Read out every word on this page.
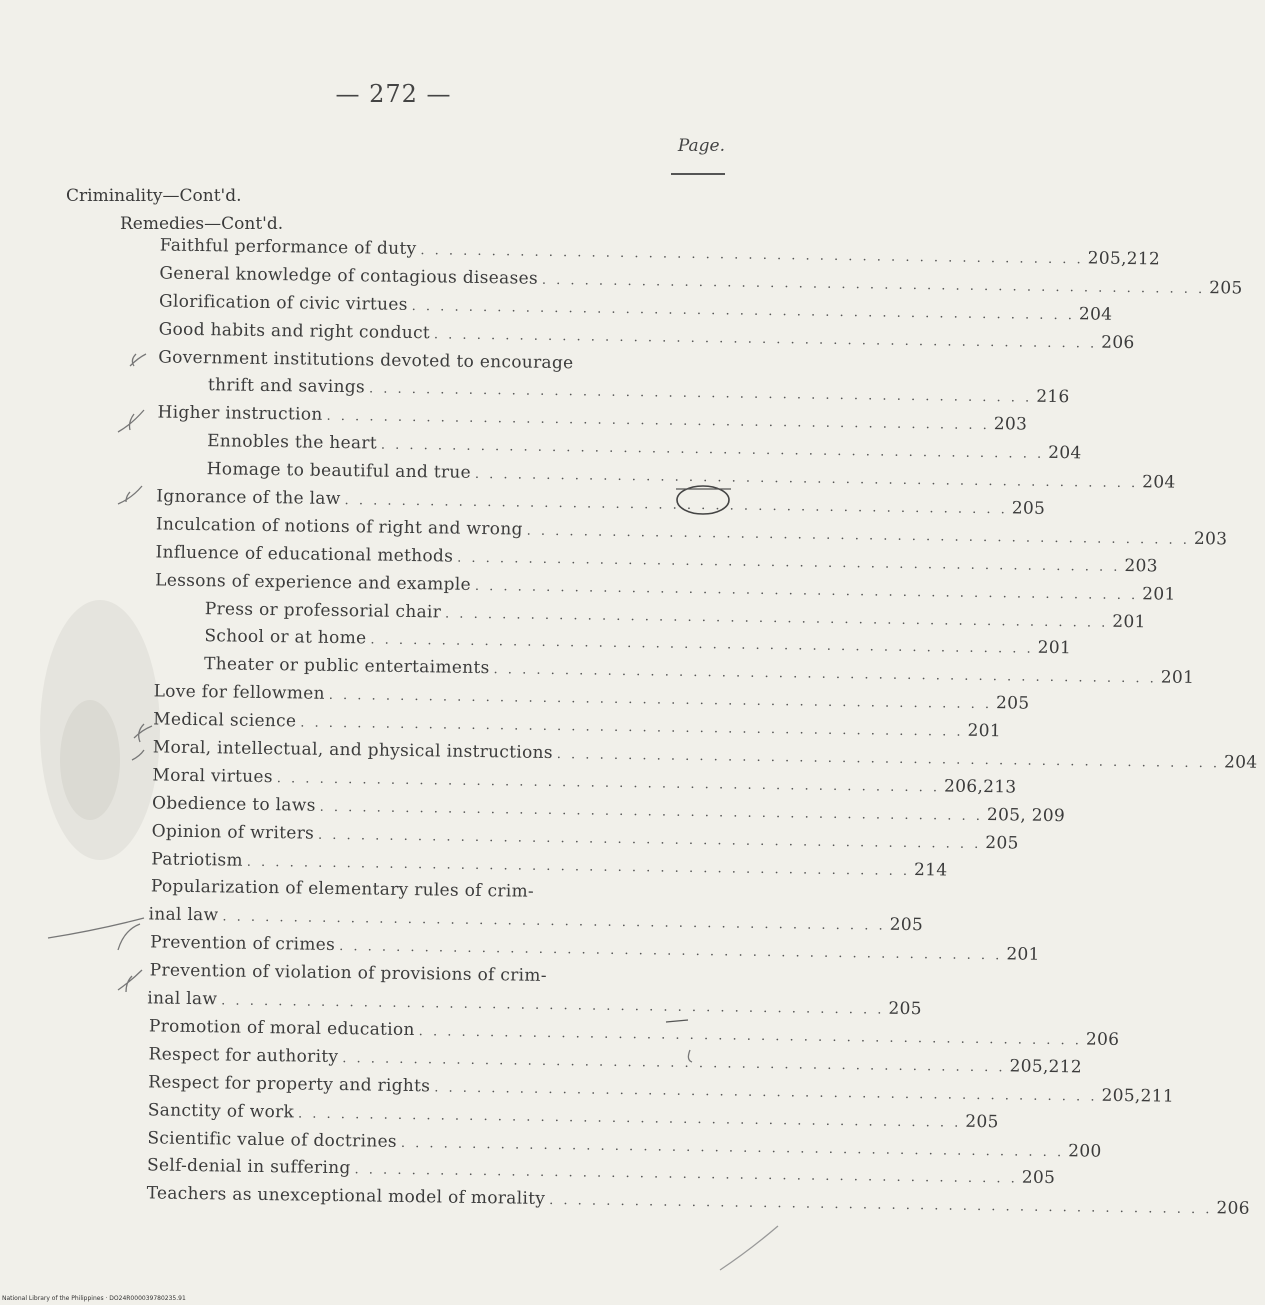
— 272 —
Page.
Criminality—Cont'd.
Remedies—Cont'd.
Faithful performance of duty . . . . . . . . . . . . . . . . . . . . . . . . . . . . . . . . . . . . . . . . . . . . . . . 205,212
General knowledge of contagious diseases . . . . . . . . . . . . . . . . . . . . . . . . . . . . . . . . . . . . . . . . . . . . . . . 205
Glorification of civic virtues . . . . . . . . . . . . . . . . . . . . . . . . . . . . . . . . . . . . . . . . . . . . . . . 204
Good habits and right conduct . . . . . . . . . . . . . . . . . . . . . . . . . . . . . . . . . . . . . . . . . . . . . . . 206
Government institutions devoted to encourage
thrift and savings . . . . . . . . . . . . . . . . . . . . . . . . . . . . . . . . . . . . . . . . . . . . . . . 216
Higher instruction . . . . . . . . . . . . . . . . . . . . . . . . . . . . . . . . . . . . . . . . . . . . . . . 203
Ennobles the heart . . . . . . . . . . . . . . . . . . . . . . . . . . . . . . . . . . . . . . . . . . . . . . . 204
Homage to beautiful and true . . . . . . . . . . . . . . . . . . . . . . . . . . . . . . . . . . . . . . . . . . . . . . . 204
Ignorance of the law . . . . . . . . . . . . . . . . . . . . . . . . . . . . . . . . . . . . . . . . . . . . . . . 205
Inculcation of notions of right and wrong . . . . . . . . . . . . . . . . . . . . . . . . . . . . . . . . . . . . . . . . . . . . . . . 203
Influence of educational methods . . . . . . . . . . . . . . . . . . . . . . . . . . . . . . . . . . . . . . . . . . . . . . . 203
Lessons of experience and example . . . . . . . . . . . . . . . . . . . . . . . . . . . . . . . . . . . . . . . . . . . . . . . 201
Press or professorial chair . . . . . . . . . . . . . . . . . . . . . . . . . . . . . . . . . . . . . . . . . . . . . . . 201
School or at home . . . . . . . . . . . . . . . . . . . . . . . . . . . . . . . . . . . . . . . . . . . . . . . 201
Theater or public entertaiments . . . . . . . . . . . . . . . . . . . . . . . . . . . . . . . . . . . . . . . . . . . . . . . 201
Love for fellowmen . . . . . . . . . . . . . . . . . . . . . . . . . . . . . . . . . . . . . . . . . . . . . . . 205
Medical science . . . . . . . . . . . . . . . . . . . . . . . . . . . . . . . . . . . . . . . . . . . . . . . 201
Moral, intellectual, and physical instructions . . . . . . . . . . . . . . . . . . . . . . . . . . . . . . . . . . . . . . . . . . . . . . . 204
Moral virtues . . . . . . . . . . . . . . . . . . . . . . . . . . . . . . . . . . . . . . . . . . . . . . . 206,213
Obedience to laws . . . . . . . . . . . . . . . . . . . . . . . . . . . . . . . . . . . . . . . . . . . . . . . 205, 209
Opinion of writers . . . . . . . . . . . . . . . . . . . . . . . . . . . . . . . . . . . . . . . . . . . . . . . 205
Patriotism . . . . . . . . . . . . . . . . . . . . . . . . . . . . . . . . . . . . . . . . . . . . . . . 214
Popularization of elementary rules of crim-
inal law . . . . . . . . . . . . . . . . . . . . . . . . . . . . . . . . . . . . . . . . . . . . . . . 205
Prevention of crimes . . . . . . . . . . . . . . . . . . . . . . . . . . . . . . . . . . . . . . . . . . . . . . . 201
Prevention of violation of provisions of crim-
inal law . . . . . . . . . . . . . . . . . . . . . . . . . . . . . . . . . . . . . . . . . . . . . . . 205
Promotion of moral education . . . . . . . . . . . . . . . . . . . . . . . . . . . . . . . . . . . . . . . . . . . . . . . 206
Respect for authority . . . . . . . . . . . . . . . . . . . . . . . . . . . . . . . . . . . . . . . . . . . . . . . 205,212
Respect for property and rights . . . . . . . . . . . . . . . . . . . . . . . . . . . . . . . . . . . . . . . . . . . . . . . 205,211
Sanctity of work . . . . . . . . . . . . . . . . . . . . . . . . . . . . . . . . . . . . . . . . . . . . . . . 205
Scientific value of doctrines . . . . . . . . . . . . . . . . . . . . . . . . . . . . . . . . . . . . . . . . . . . . . . . 200
Self-denial in suffering . . . . . . . . . . . . . . . . . . . . . . . . . . . . . . . . . . . . . . . . . . . . . . . 205
Teachers as unexceptional model of morality . . . . . . . . . . . . . . . . . . . . . . . . . . . . . . . . . . . . . . . . . . . . . . . 206
National Library of the Philippines · DO24R000039780235.91
